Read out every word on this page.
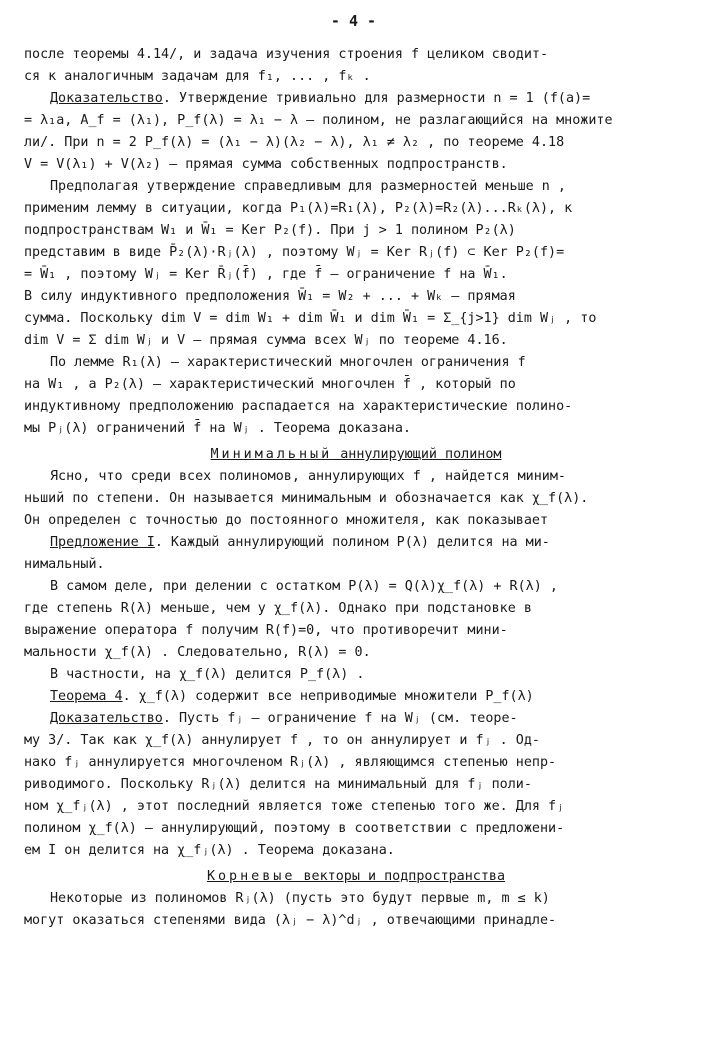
- 4 -
после теоремы 4.14/, и задача изучения строения f целиком сводит-
ся к аналогичным задачам для f₁, ... , fₖ .
Доказательство. Утверждение тривиально для размерности n = 1 (f(a)=
= λ₁a, A_f = (λ₁), P_f(λ) = λ₁ − λ – полином, не разлагающийся на множите
ли/. При n = 2 P_f(λ) = (λ₁ − λ)(λ₂ − λ), λ₁ ≠ λ₂ , по теореме 4.18
V = V(λ₁) + V(λ₂) – прямая сумма собственных подпространств.
Предполагая утверждение справедливым для размерностей меньше n ,
применим лемму в ситуации, когда P₁(λ)=R₁(λ), P₂(λ)=R₂(λ)...Rₖ(λ), к
подпространствам W₁ и W̄₁ = Ker P₂(f). При j > 1 полином P₂(λ)
представим в виде P̄₂(λ)·Rⱼ(λ) , поэтому Wⱼ = Ker Rⱼ(f) ⊂ Ker P₂(f)=
= W̄₁ , поэтому Wⱼ = Ker R̄ⱼ(f̄) , где f̄ – ограничение f на W̄₁.
В силу индуктивного предположения W̄₁ = W₂ + ... + Wₖ – прямая
сумма. Поскольку dim V = dim W₁ + dim W̄₁ и dim W̄₁ = Σ_{j>1} dim Wⱼ , то
dim V = Σ dim Wⱼ и V – прямая сумма всех Wⱼ по теореме 4.16.
По лемме R₁(λ) – характеристический многочлен ограничения f
на W₁ , а P₂(λ) – характеристический многочлен f̄ , который по
индуктивному предположению распадается на характеристические полино-
мы Pⱼ(λ) ограничений f̄ на Wⱼ . Теорема доказана.
Минимальный аннулирующий полином
Ясно, что среди всех полиномов, аннулирующих f , найдется миним-
ньший по степени. Он называется минимальным и обозначается как χ_f(λ).
Он определен с точностью до постоянного множителя, как показывает
Предложение I. Каждый аннулирующий полином P(λ) делится на ми-
нимальный.
В самом деле, при делении с остатком P(λ) = Q(λ)χ_f(λ) + R(λ) ,
где степень R(λ) меньше, чем у χ_f(λ). Однако при подстановке в
выражение оператора f получим R(f)=0, что противоречит мини-
мальности χ_f(λ) . Следовательно, R(λ) = 0.
В частности, на χ_f(λ) делится P_f(λ) .
Теорема 4. χ_f(λ) содержит все неприводимые множители P_f(λ)
Доказательство. Пусть fⱼ – ограничение f на Wⱼ (см. теоре-
му 3/. Так как χ_f(λ) аннулирует f , то он аннулирует и fⱼ . Од-
нако fⱼ аннулируется многочленом Rⱼ(λ) , являющимся степенью непр-
риводимого. Поскольку Rⱼ(λ) делится на минимальный для fⱼ поли-
ном χ_fⱼ(λ) , этот последний является тоже степенью того же. Для fⱼ
полином χ_f(λ) – аннулирующий, поэтому в соответствии с предложени-
ем I он делится на χ_fⱼ(λ) . Теорема доказана.
Корневые векторы и подпространства
Некоторые из полиномов Rⱼ(λ) (пусть это будут первые m, m ≤ k)
могут оказаться степенями вида (λⱼ − λ)^dⱼ , отвечающими принадле-
